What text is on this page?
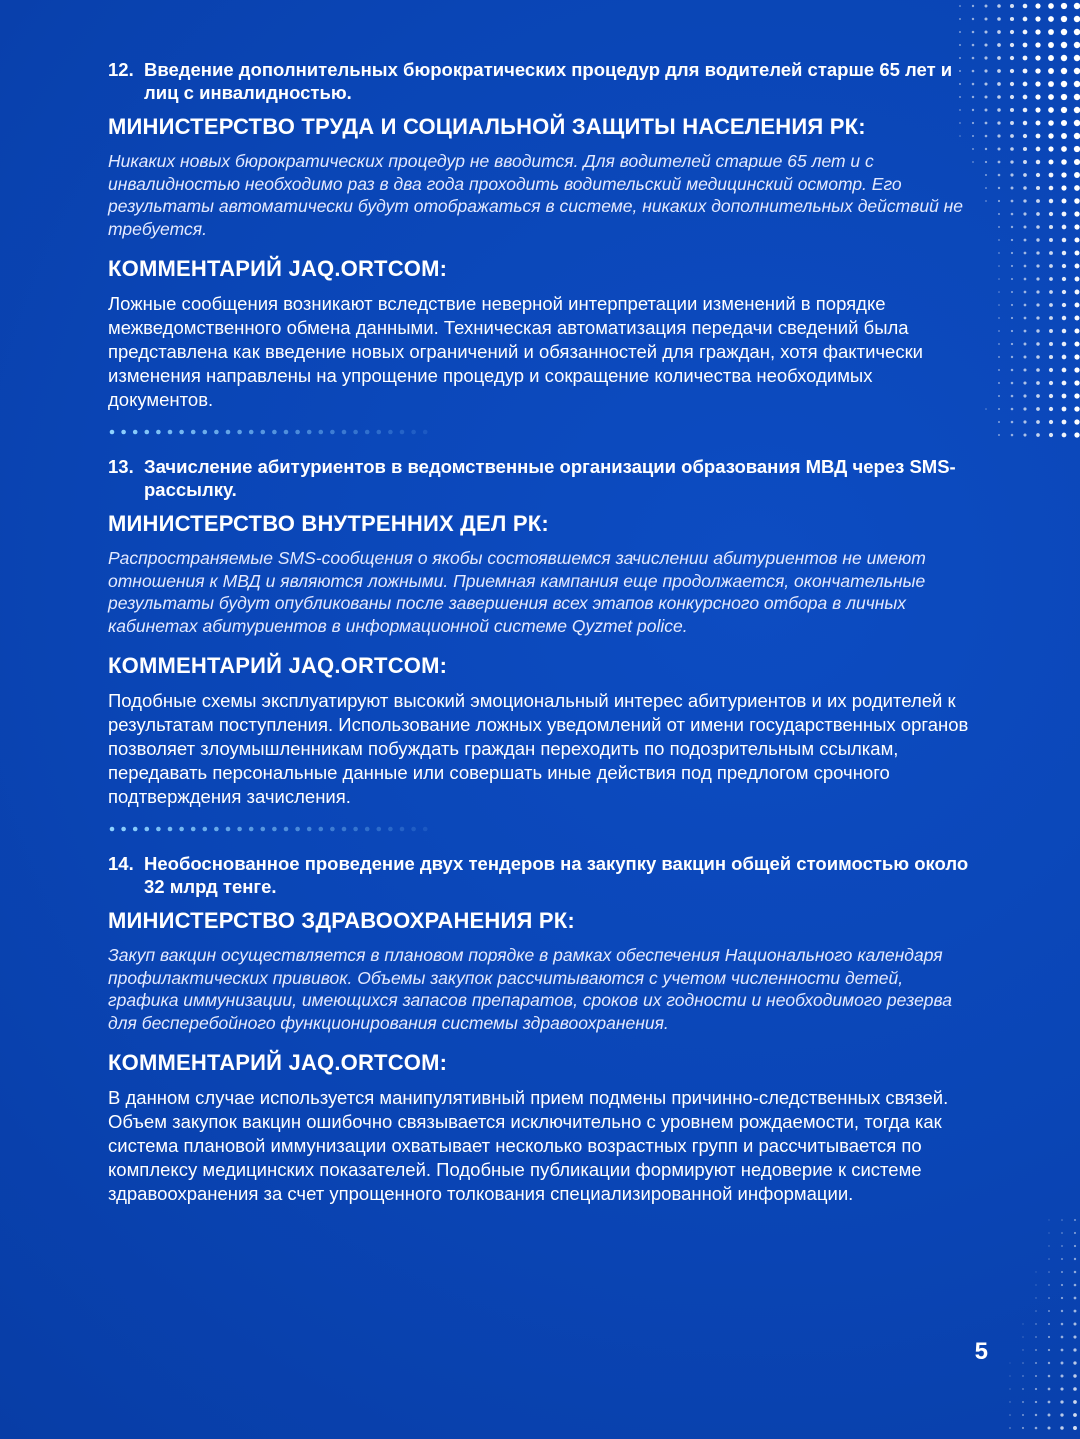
12. Введение дополнительных бюрократических процедур для водителей старше 65 лет и лиц с инвалидностью.
МИНИСТЕРСТВО ТРУДА И СОЦИАЛЬНОЙ ЗАЩИТЫ НАСЕЛЕНИЯ РК:

Никаких новых бюрократических процедур не вводится. Для водителей старше 65 лет и с инвалидностью необходимо раз в два года проходить водительский медицинский осмотр. Его результаты автоматически будут отображаться в системе, никаких дополнительных действий не требуется.

КОММЕНТАРИЙ JAQ.ORTCOM:

Ложные сообщения возникают вследствие неверной интерпретации изменений в порядке межведомственного обмена данными. Техническая автоматизация передачи сведений была представлена как введение новых ограничений и обязанностей для граждан, хотя фактически изменения направлены на упрощение процедур и сокращение количества необходимых документов.

13. Зачисление абитуриентов в ведомственные организации образования МВД через SMS-рассылку.
МИНИСТЕРСТВО ВНУТРЕННИХ ДЕЛ РК:

Распространяемые SMS-сообщения о якобы состоявшемся зачислении абитуриентов не имеют отношения к МВД и являются ложными. Приемная кампания еще продолжается, окончательные результаты будут опубликованы после завершения всех этапов конкурсного отбора в личных кабинетах абитуриентов в информационной системе Qyzmet police.

КОММЕНТАРИЙ JAQ.ORTCOM:

Подобные схемы эксплуатируют высокий эмоциональный интерес абитуриентов и их родителей к результатам поступления. Использование ложных уведомлений от имени государственных органов позволяет злоумышленникам побуждать граждан переходить по подозрительным ссылкам, передавать персональные данные или совершать иные действия под предлогом срочного подтверждения зачисления.

14. Необоснованное проведение двух тендеров на закупку вакцин общей стоимостью около 32 млрд тенге.
МИНИСТЕРСТВО ЗДРАВООХРАНЕНИЯ РК:

Закуп вакцин осуществляется в плановом порядке в рамках обеспечения Национального календаря профилактических прививок. Объемы закупок рассчитываются с учетом численности детей, графика иммунизации, имеющихся запасов препаратов, сроков их годности и необходимого резерва для бесперебойного функционирования системы здравоохранения.

КОММЕНТАРИЙ JAQ.ORTCOM:

В данном случае используется манипулятивный прием подмены причинно-следственных связей. Объем закупок вакцин ошибочно связывается исключительно с уровнем рождаемости, тогда как система плановой иммунизации охватывает несколько возрастных групп и рассчитывается по комплексу медицинских показателей. Подобные публикации формируют недоверие к системе здравоохранения за счет упрощенного толкования специализированной информации.

5
